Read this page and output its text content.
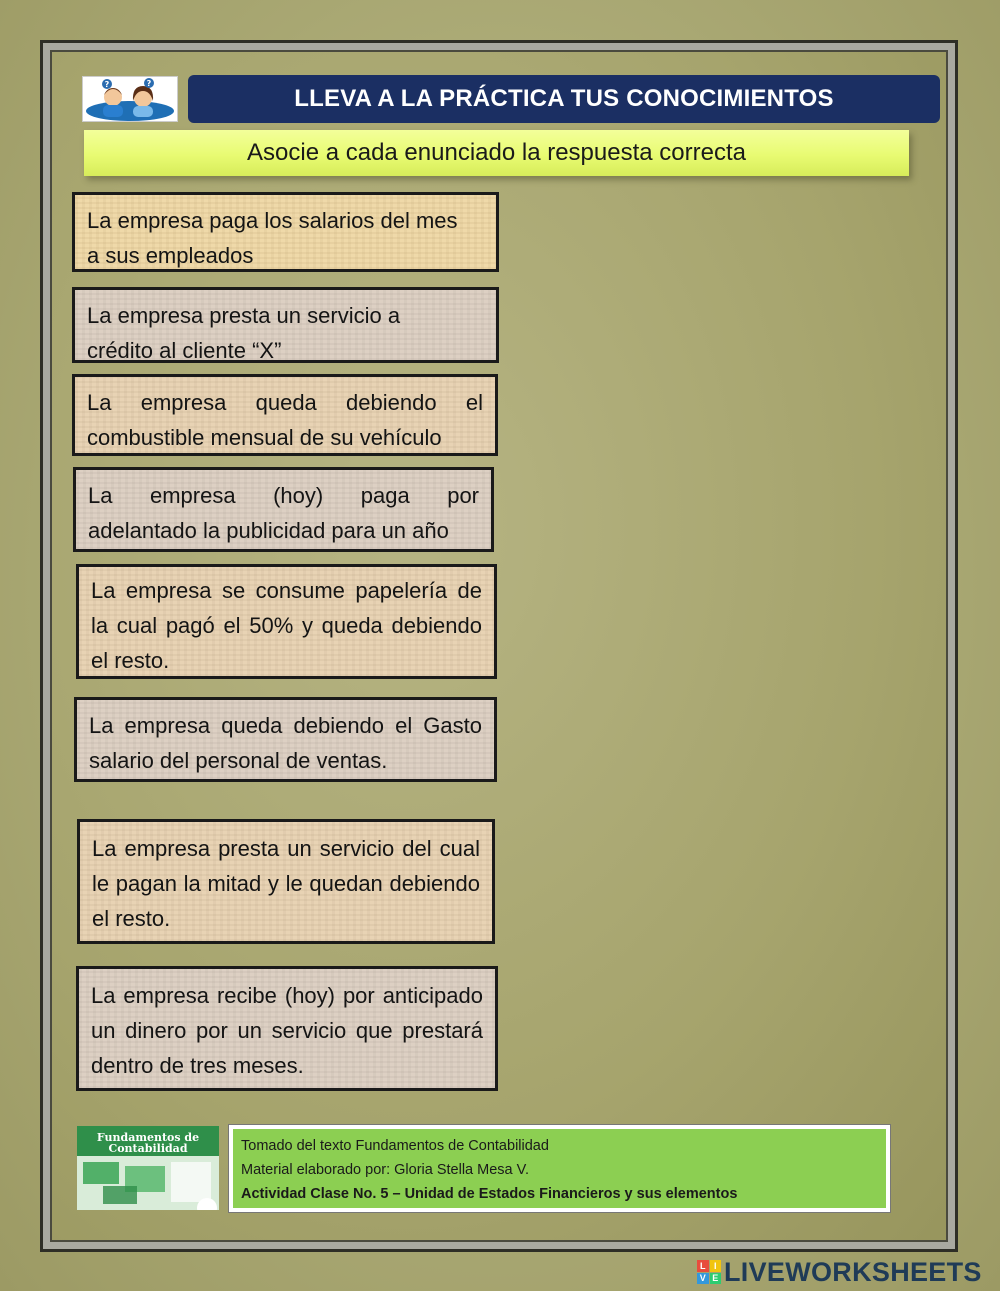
?	?
LLEVA A LA PRÁCTICA TUS CONOCIMIENTOS
Asocie a cada enunciado la respuesta correcta
La empresa paga los salarios del mes
a sus empleados
La empresa presta un servicio a
crédito al cliente “X”
La empresa queda debiendo el
combustible mensual de su vehículo
La empresa (hoy) paga por
adelantado la publicidad para un año
La empresa se consume papelería de la cual pagó el 50% y queda debiendo el resto.
La empresa queda debiendo el Gasto salario del personal de ventas.
La empresa presta un servicio del cual le pagan la mitad y le quedan debiendo el resto.
La empresa recibe (hoy) por anticipado un dinero por un servicio que prestará dentro de tres meses.
Fundamentos de
Contabilidad	Tomado del texto Fundamentos de Contabilidad
Material elaborado por: Gloria Stella Mesa V.
Actividad Clase No. 5 – Unidad de Estados Financieros y sus elementos
L I
V E LIVEWORKSHEETS
